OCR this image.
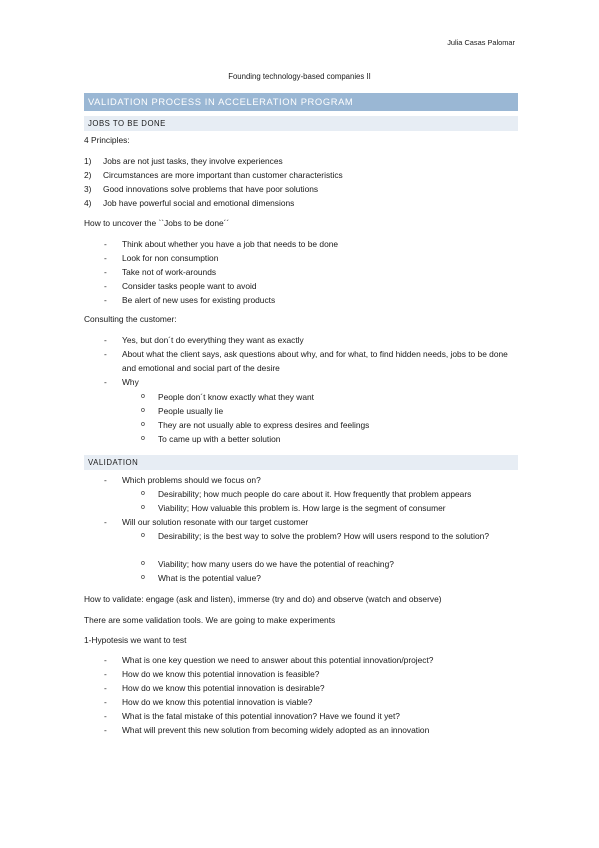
Julia Casas Palomar
Founding technology-based companies II
VALIDATION PROCESS IN ACCELERATION PROGRAM
JOBS TO BE DONE
4 Principles:
1) Jobs are not just tasks, they involve experiences
2) Circumstances are more important than customer characteristics
3) Good innovations solve problems that have poor solutions
4) Job have powerful social and emotional dimensions
How to uncover the ``Jobs to be done´´
- Think about whether you have a job that needs to be done
- Look for non consumption
- Take not of work-arounds
- Consider tasks people want to avoid
- Be alert of new uses for existing products
Consulting the customer:
- Yes, but don´t do everything they want as exactly
- About what the client says, ask questions about why, and for what, to find hidden needs, jobs to be done and emotional and social part of the desire
- Why
o People don´t know exactly what they want
o People usually lie
o They are not usually able to express desires and feelings
o To came up with a better solution
VALIDATION
- Which problems should we focus on?
o Desirability; how much people do care about it. How frequently that problem appears
o Viability; How valuable this problem is. How large is the segment of consumer
- Will our solution resonate with our target customer
o Desirability; is the best way to solve the problem? How will users respond to the solution?
o Viability; how many users do we have the potential of reaching?
o What is the potential value?
How to validate: engage (ask and listen), immerse (try and do) and observe (watch and observe)
There are some validation tools. We are going to make experiments
1-Hypotesis we want to test
- What is one key question we need to answer about this potential innovation/project?
- How do we know this potential innovation is feasible?
- How do we know this potential innovation is desirable?
- How do we know this potential innovation is viable?
- What is the fatal mistake of this potential innovation? Have we found it yet?
- What will prevent this new solution from becoming widely adopted as an innovation
